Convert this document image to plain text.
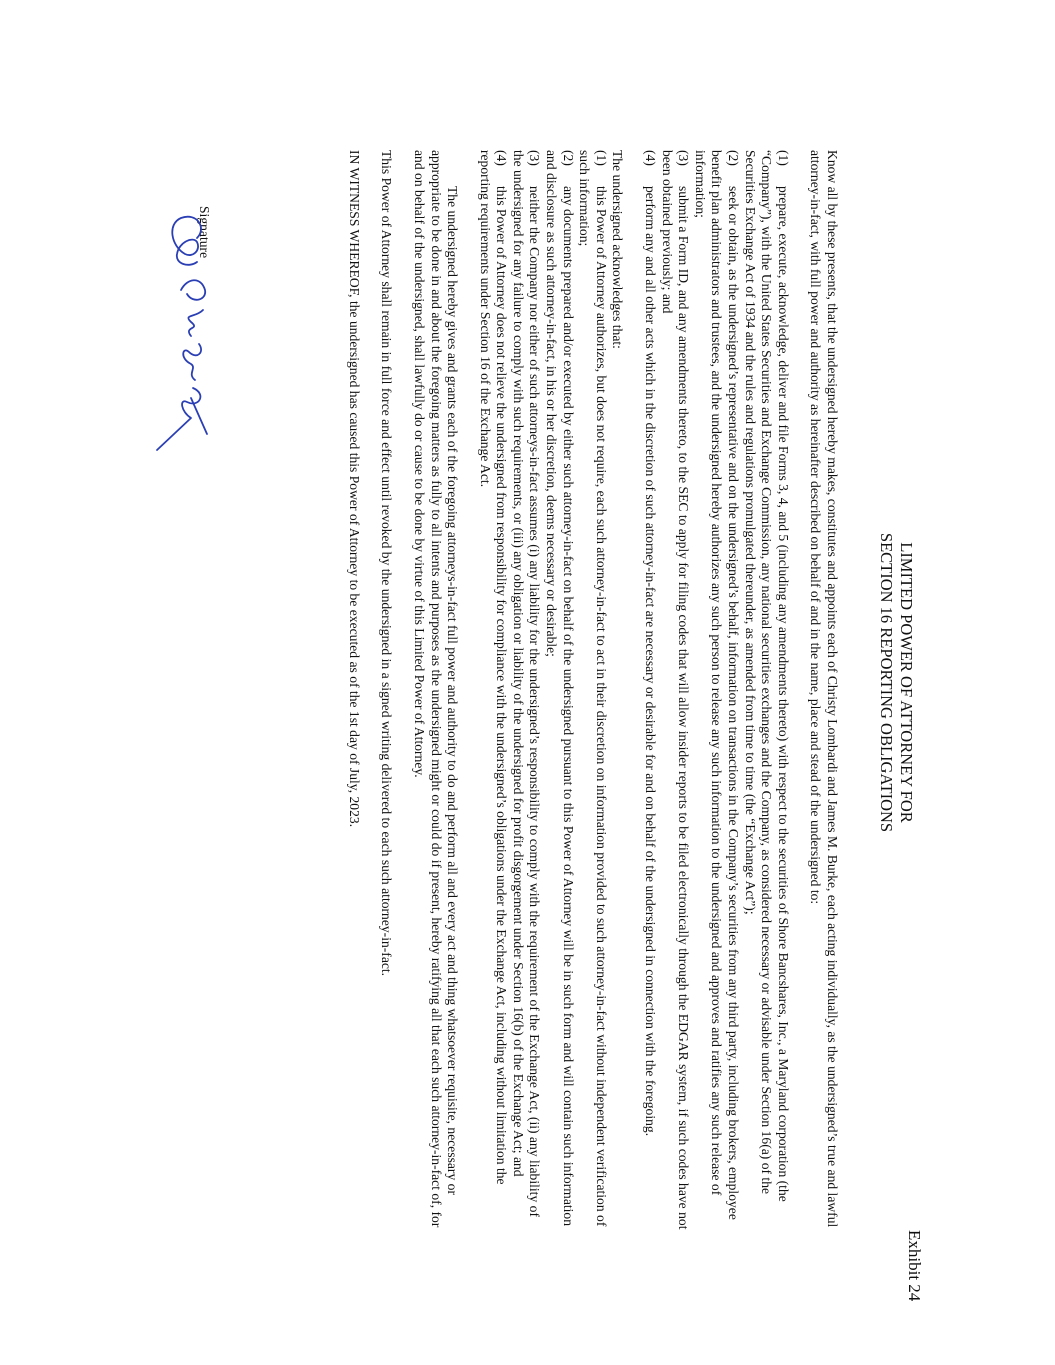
Exhibit 24
LIMITED POWER OF ATTORNEY FOR
SECTION 16 REPORTING OBLIGATIONS

Know all by these presents, that the undersigned hereby makes, constitutes and appoints each of Christy Lombardi and James M. Burke, each acting individually, as the undersigned’s true and lawful attorney-in-fact, with full power and authority as hereinafter described on behalf of and in the name, place and stead of the undersigned to:

(1)prepare, execute, acknowledge, deliver and file Forms 3, 4, and 5 (including any amendments thereto) with respect to the securities of Shore Bancshares, Inc., a Maryland corporation (the “Company”), with the United States Securities and Exchange Commission, any national securities exchanges and the Company, as considered necessary or advisable under Section 16(a) of the Securities Exchange Act of 1934 and the rules and regulations promulgated thereunder, as amended from time to time (the “Exchange Act”);

(2)seek or obtain, as the undersigned’s representative and on the undersigned’s behalf, information on transactions in the Company’s securities from any third party, including brokers, employee benefit plan administrators and trustees, and the undersigned hereby authorizes any such person to release any such information to the undersigned and approves and ratifies any such release of information;

(3)submit a Form ID, and any amendments thereto, to the SEC to apply for filing codes that will allow insider reports to be filed electronically through the EDGAR system, if such codes have not been obtained previously; and

(4)perform any and all other acts which in the discretion of such attorney-in-fact are necessary or desirable for and on behalf of the undersigned in connection with the foregoing.

The undersigned acknowledges that:

(1)this Power of Attorney authorizes, but does not require, each such attorney-in-fact to act in their discretion on information provided to such attorney-in-fact without independent verification of such information;

(2)any documents prepared and/or executed by either such attorney-in-fact on behalf of the undersigned pursuant to this Power of Attorney will be in such form and will contain such information and disclosure as such attorney-in-fact, in his or her discretion, deems necessary or desirable;

(3)neither the Company nor either of such attorneys-in-fact assumes (i) any liability for the undersigned’s responsibility to comply with the requirement of the Exchange Act, (ii) any liability of the undersigned for any failure to comply with such requirements, or (iii) any obligation or liability of the undersigned for profit disgorgement under Section 16(b) of the Exchange Act; and

(4)this Power of Attorney does not relieve the undersigned from responsibility for compliance with the undersigned’s obligations under the Exchange Act, including without limitation the reporting requirements under Section 16 of the Exchange Act.

The undersigned hereby gives and grants each of the foregoing attorneys-in-fact full power and authority to do and perform all and every act and thing whatsoever requisite, necessary or appropriate to be done in and about the foregoing matters as fully to all intents and purposes as the undersigned might or could do if present, hereby ratifying all that each such attorney-in-fact of, for and on behalf of the undersigned, shall lawfully do or cause to be done by virtue of this Limited Power of Attorney.

This Power of Attorney shall remain in full force and effect until revoked by the undersigned in a signed writing delivered to each such attorney-in-fact.

IN WITNESS WHEREOF, the undersigned has caused this Power of Attorney to be executed as of the 1st day of July, 2023.

Signature
